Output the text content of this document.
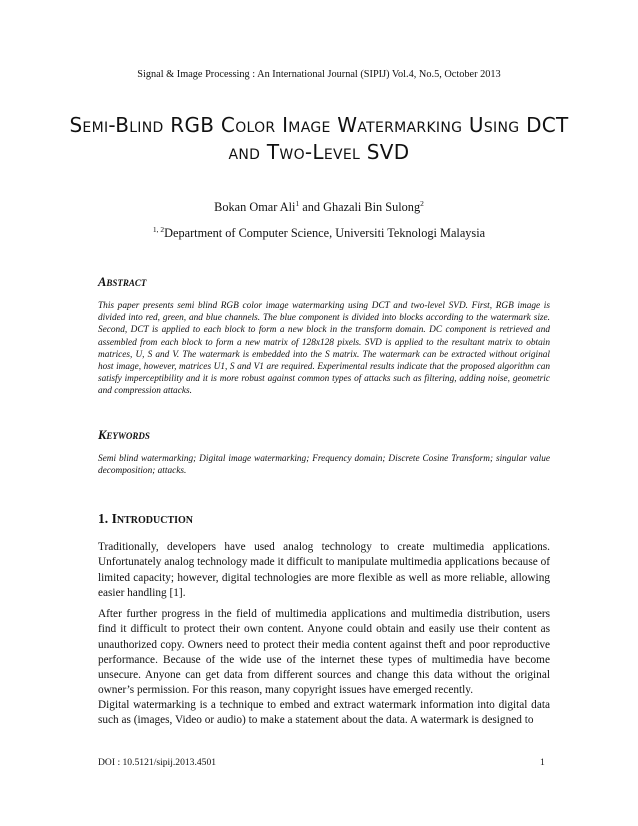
Signal & Image Processing : An International Journal (SIPIJ) Vol.4, No.5, October 2013
Semi-Blind RGB Color Image Watermarking Using DCT and Two-Level SVD
Bokan Omar Ali$^1$ and Ghazali Bin Sulong$^2$
$^{1, 2}$Department of Computer Science, Universiti Teknologi Malaysia
Abstract
This paper presents semi blind RGB color image watermarking using DCT and two-level SVD. First, RGB image is divided into red, green, and blue channels. The blue component is divided into blocks according to the watermark size. Second, DCT is applied to each block to form a new block in the transform domain. DC component is retrieved and assembled from each block to form a new matrix of 128x128 pixels. SVD is applied to the resultant matrix to obtain matrices, U, S and V. The watermark is embedded into the S matrix. The watermark can be extracted without original host image, however, matrices U1, S and V1 are required. Experimental results indicate that the proposed algorithm can satisfy imperceptibility and it is more robust against common types of attacks such as filtering, adding noise, geometric and compression attacks.
Keywords
Semi blind watermarking; Digital image watermarking; Frequency domain; Discrete Cosine Transform; singular value decomposition; attacks.
1. Introduction
Traditionally, developers have used analog technology to create multimedia applications. Unfortunately analog technology made it difficult to manipulate multimedia applications because of limited capacity; however, digital technologies are more flexible as well as more reliable, allowing easier handling [1].
After further progress in the field of multimedia applications and multimedia distribution, users find it difficult to protect their own content. Anyone could obtain and easily use their content as unauthorized copy. Owners need to protect their media content against theft and poor reproductive performance. Because of the wide use of the internet these types of multimedia have become unsecure. Anyone can get data from different sources and change this data without the original owner’s permission. For this reason, many copyright issues have emerged recently.
Digital watermarking is a technique to embed and extract watermark information into digital data such as (images, Video or audio) to make a statement about the data. A watermark is designed to
DOI : 10.5121/sipij.2013.4501	1
